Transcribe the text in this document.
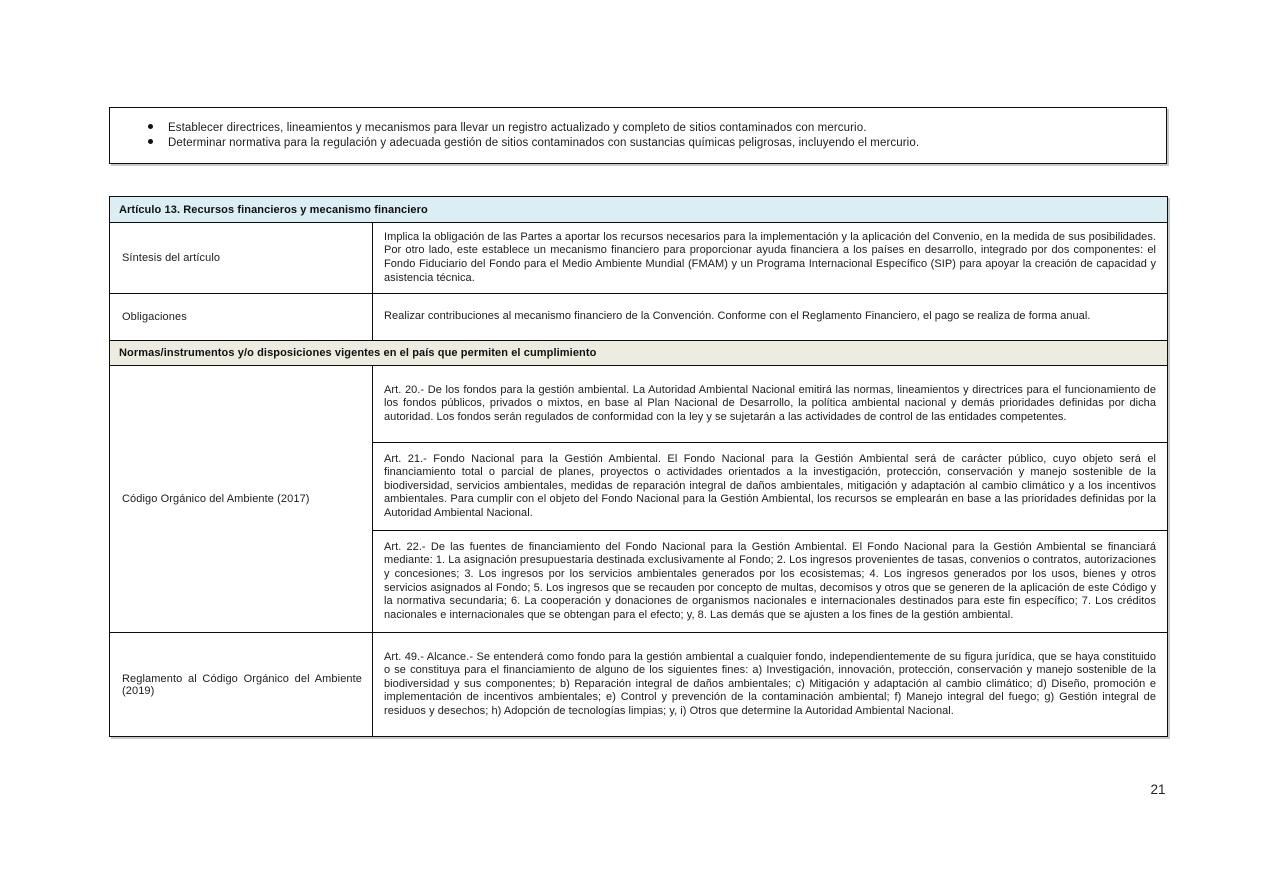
Establecer directrices, lineamientos y mecanismos para llevar un registro actualizado y completo de sitios contaminados con mercurio.
Determinar normativa para la regulación y adecuada gestión de sitios contaminados con sustancias químicas peligrosas, incluyendo el mercurio.
Artículo 13. Recursos financieros y mecanismo financiero	
Síntesis del artículo	Implica la obligación de las Partes a aportar los recursos necesarios para la implementación y la aplicación del Convenio, en la medida de sus posibilidades. Por otro lado, este establece un mecanismo financiero para proporcionar ayuda financiera a los países en desarrollo, integrado por dos componentes: el Fondo Fiduciario del Fondo para el Medio Ambiente Mundial (FMAM) y un Programa Internacional Específico (SIP) para apoyar la creación de capacidad y asistencia técnica.
Obligaciones	Realizar contribuciones al mecanismo financiero de la Convención. Conforme con el Reglamento Financiero, el pago se realiza de forma anual.
Normas/instrumentos y/o disposiciones vigentes en el país que permiten el cumplimiento	
Código Orgánico del Ambiente (2017)	Art. 20.- De los fondos para la gestión ambiental. La Autoridad Ambiental Nacional emitirá las normas, lineamientos y directrices para el funcionamiento de los fondos públicos, privados o mixtos, en base al Plan Nacional de Desarrollo, la política ambiental nacional y demás prioridades definidas por dicha autoridad. Los fondos serán regulados de conformidad con la ley y se sujetarán a las actividades de control de las entidades competentes.
	Art. 21.- Fondo Nacional para la Gestión Ambiental. El Fondo Nacional para la Gestión Ambiental será de carácter público, cuyo objeto será el financiamiento total o parcial de planes, proyectos o actividades orientados a la investigación, protección, conservación y manejo sostenible de la biodiversidad, servicios ambientales, medidas de reparación integral de daños ambientales, mitigación y adaptación al cambio climático y a los incentivos ambientales. Para cumplir con el objeto del Fondo Nacional para la Gestión Ambiental, los recursos se emplearán en base a las prioridades definidas por la Autoridad Ambiental Nacional.
	Art. 22.- De las fuentes de financiamiento del Fondo Nacional para la Gestión Ambiental. El Fondo Nacional para la Gestión Ambiental se financiará mediante: 1. La asignación presupuestaria destinada exclusivamente al Fondo; 2. Los ingresos provenientes de tasas, convenios o contratos, autorizaciones y concesiones; 3. Los ingresos por los servicios ambientales generados por los ecosistemas; 4. Los ingresos generados por los usos, bienes y otros servicios asignados al Fondo; 5. Los ingresos que se recauden por concepto de multas, decomisos y otros que se generen de la aplicación de este Código y la normativa secundaria; 6. La cooperación y donaciones de organismos nacionales e internacionales destinados para este fin específico; 7. Los créditos nacionales e internacionales que se obtengan para el efecto; y, 8. Las demás que se ajusten a los fines de la gestión ambiental.
Reglamento al Código Orgánico del Ambiente (2019)	Art. 49.- Alcance.- Se entenderá como fondo para la gestión ambiental a cualquier fondo, independientemente de su figura jurídica, que se haya constituido o se constituya para el financiamiento de alguno de los siguientes fines: a) Investigación, innovación, protección, conservación y manejo sostenible de la biodiversidad y sus componentes; b) Reparación integral de daños ambientales; c) Mitigación y adaptación al cambio climático; d) Diseño, promoción e implementación de incentivos ambientales; e) Control y prevención de la contaminación ambiental; f) Manejo integral del fuego; g) Gestión integral de residuos y desechos; h) Adopción de tecnologías limpias; y, i) Otros que determine la Autoridad Ambiental Nacional.
21
